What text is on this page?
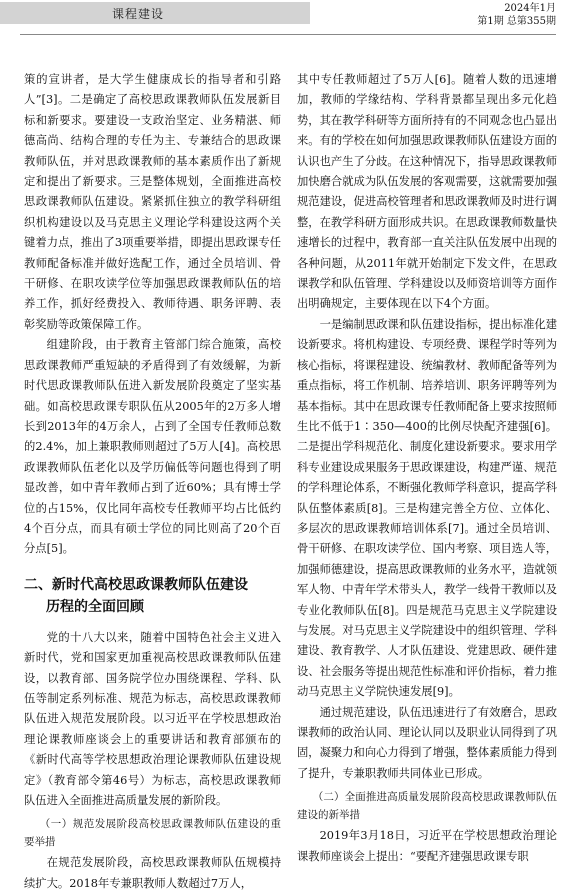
课程建设	2024年1月
第1期 总第355期

策的宣讲者，是大学生健康成长的指导者和引路人”[3]。二是确定了高校思政课教师队伍发展新目标和新要求。要建设一支政治坚定、业务精湛、师德高尚、结构合理的专任为主、专兼结合的思政课教师队伍，并对思政课教师的基本素质作出了新规定和提出了新要求。三是整体规划，全面推进高校思政课教师队伍建设。紧紧抓住独立的教学科研组织机构建设以及马克思主义理论学科建设这两个关键着力点，推出了3项重要举措，即提出思政课专任教师配备标准并做好选配工作，通过全员培训、骨干研修、在职攻读学位等加强思政课教师队伍的培养工作，抓好经费投入、教师待遇、职务评聘、表彰奖励等政策保障工作。

组建阶段，由于教育主管部门综合施策，高校思政课教师严重短缺的矛盾得到了有效缓解，为新时代思政课教师队伍进入新发展阶段奠定了坚实基础。如高校思政课专职队伍从2005年的2万多人增长到2013年的4万余人，占到了全国专任教师总数的2.4%，加上兼职教师则超过了5万人[4]。高校思政课教师队伍老化以及学历偏低等问题也得到了明显改善，如中青年教师占到了近60%；具有博士学位的占15%，仅比同年高校专任教师平均占比低约4个百分点，而具有硕士学位的同比则高了20个百分点[5]。

二、新时代高校思政课教师队伍建设
历程的全面回顾

党的十八大以来，随着中国特色社会主义进入新时代，党和国家更加重视高校思政课教师队伍建设，以教育部、国务院学位办围绕课程、学科、队伍等制定系列标准、规范为标志，高校思政课教师队伍进入规范发展阶段。以习近平在学校思想政治理论课教师座谈会上的重要讲话和教育部颁布的《新时代高等学校思想政治理论课教师队伍建设规定》（教育部令第46号）为标志，高校思政课教师队伍进入全面推进高质量发展的新阶段。

（一）规范发展阶段高校思政课教师队伍建设的重要举措

在规范发展阶段，高校思政课教师队伍规模持续扩大。2018年专兼职教师人数超过7万人，

其中专任教师超过了5万人[6]。随着人数的迅速增加，教师的学缘结构、学科背景都呈现出多元化趋势，其在教学科研等方面所持有的不同观念也凸显出来。有的学校在如何加强思政课教师队伍建设方面的认识也产生了分歧。在这种情况下，指导思政课教师加快磨合就成为队伍发展的客观需要，这就需要加强规范建设，促进高校管理者和思政课教师及时进行调整，在教学科研方面形成共识。在思政课教师数量快速增长的过程中，教育部一直关注队伍发展中出现的各种问题，从2011年就开始制定下发文件，在思政课教学和队伍管理、学科建设以及师资培训等方面作出明确规定，主要体现在以下4个方面。

一是编制思政课和队伍建设指标，提出标准化建设新要求。将机构建设、专项经费、课程学时等列为核心指标，将课程建设、统编教材、教师配备等列为重点指标，将工作机制、培养培训、职务评聘等列为基本指标。其中在思政课专任教师配备上要求按照师生比不低于1∶350—400的比例尽快配齐建强[6]。二是提出学科规范化、制度化建设新要求。要求用学科专业建设成果服务于思政课建设，构建严谨、规范的学科理论体系，不断强化教师学科意识，提高学科队伍整体素质[8]。三是构建完善全方位、立体化、多层次的思政课教师培训体系[7]。通过全员培训、骨干研修、在职攻读学位、国内考察、项目选人等，加强师德建设，提高思政课教师的业务水平，造就领军人物、中青年学术带头人，教学一线骨干教师以及专业化教师队伍[8]。四是规范马克思主义学院建设与发展。对马克思主义学院建设中的组织管理、学科建设、教育教学、人才队伍建设、党建思政、硬件建设、社会服务等提出规范性标准和评价指标，着力推动马克思主义学院快速发展[9]。

通过规范建设，队伍迅速进行了有效磨合，思政课教师的政治认同、理论认同以及职业认同得到了巩固，凝聚力和向心力得到了增强，整体素质能力得到了提升，专兼职教师共同体业已形成。

（二）全面推进高质量发展阶段高校思政课教师队伍建设的新举措

2019年3月18日，习近平在学校思想政治理论课教师座谈会上提出：“要配齐建强思政课专职
